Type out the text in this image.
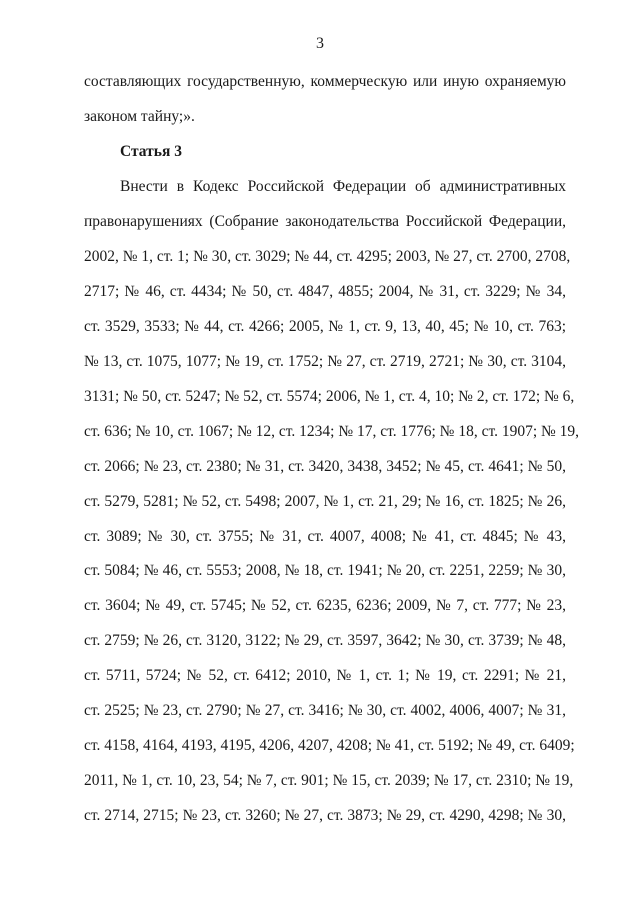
3
составляющих государственную, коммерческую или иную охраняемую
законом тайну;».
Статья 3
Внести в Кодекс Российской Федерации об административных
правонарушениях (Собрание законодательства Российской Федерации,
2002, № 1, ст. 1; № 30, ст. 3029; № 44, ст. 4295; 2003, № 27, ст. 2700, 2708,
2717; № 46, ст. 4434; № 50, ст. 4847, 4855; 2004, № 31, ст. 3229; № 34,
ст. 3529, 3533; № 44, ст. 4266; 2005, № 1, ст. 9, 13, 40, 45; № 10, ст. 763;
№ 13, ст. 1075, 1077; № 19, ст. 1752; № 27, ст. 2719, 2721; № 30, ст. 3104,
3131; № 50, ст. 5247; № 52, ст. 5574; 2006, № 1, ст. 4, 10; № 2, ст. 172; № 6,
ст. 636; № 10, ст. 1067; № 12, ст. 1234; № 17, ст. 1776; № 18, ст. 1907; № 19,
ст. 2066; № 23, ст. 2380; № 31, ст. 3420, 3438, 3452; № 45, ст. 4641; № 50,
ст. 5279, 5281; № 52, ст. 5498; 2007, № 1, ст. 21, 29; № 16, ст. 1825; № 26,
ст. 3089; № 30, ст. 3755; № 31, ст. 4007, 4008; № 41, ст. 4845; № 43,
ст. 5084; № 46, ст. 5553; 2008, № 18, ст. 1941; № 20, ст. 2251, 2259; № 30,
ст. 3604; № 49, ст. 5745; № 52, ст. 6235, 6236; 2009, № 7, ст. 777; № 23,
ст. 2759; № 26, ст. 3120, 3122; № 29, ст. 3597, 3642; № 30, ст. 3739; № 48,
ст. 5711, 5724; № 52, ст. 6412; 2010, № 1, ст. 1; № 19, ст. 2291; № 21,
ст. 2525; № 23, ст. 2790; № 27, ст. 3416; № 30, ст. 4002, 4006, 4007; № 31,
ст. 4158, 4164, 4193, 4195, 4206, 4207, 4208; № 41, ст. 5192; № 49, ст. 6409;
2011, № 1, ст. 10, 23, 54; № 7, ст. 901; № 15, ст. 2039; № 17, ст. 2310; № 19,
ст. 2714, 2715; № 23, ст. 3260; № 27, ст. 3873; № 29, ст. 4290, 4298; № 30,
